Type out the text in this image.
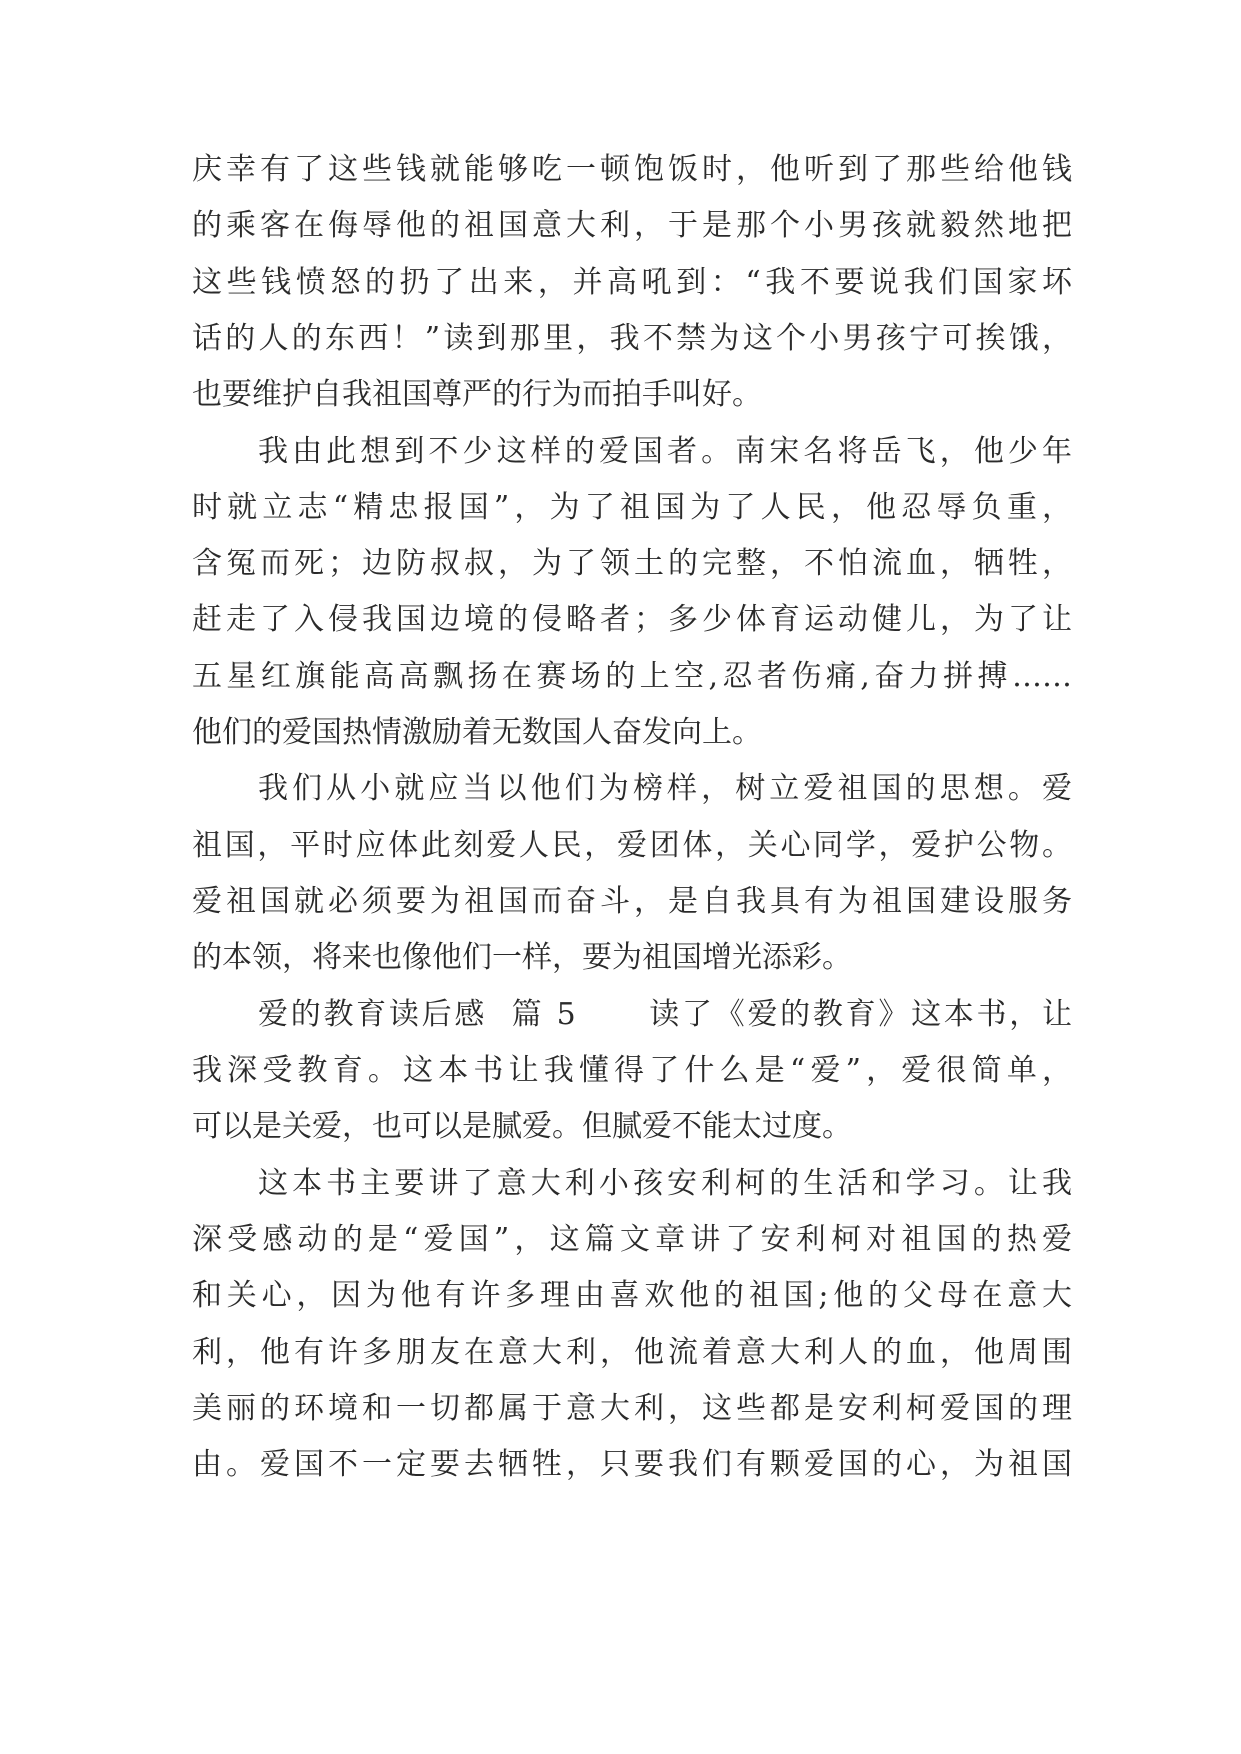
庆幸有了这些钱就能够吃一顿饱饭时，他听到了那些给他钱
的乘客在侮辱他的祖国意大利，于是那个小男孩就毅然地把
这些钱愤怒的扔了出来，并高吼到：“我不要说我们国家坏
话的人的东西！”读到那里，我不禁为这个小男孩宁可挨饿，
也要维护自我祖国尊严的行为而拍手叫好。
我由此想到不少这样的爱国者。南宋名将岳飞，他少年
时就立志“精忠报国”，为了祖国为了人民，他忍辱负重，
含冤而死；边防叔叔，为了领土的完整，不怕流血，牺牲，
赶走了入侵我国边境的侵略者；多少体育运动健儿，为了让
五星红旗能高高飘扬在赛场的上空,忍者伤痛,奋力拼搏……
他们的爱国热情激励着无数国人奋发向上。
我们从小就应当以他们为榜样，树立爱祖国的思想。爱
祖国，平时应体此刻爱人民，爱团体，关心同学，爱护公物。
爱祖国就必须要为祖国而奋斗，是自我具有为祖国建设服务
的本领，将来也像他们一样，要为祖国增光添彩。
爱的教育读后感  篇 5      读了《爱的教育》这本书，让
我深受教育。这本书让我懂得了什么是“爱”，爱很简单，
可以是关爱，也可以是腻爱。但腻爱不能太过度。
这本书主要讲了意大利小孩安利柯的生活和学习。让我
深受感动的是“爱国”，这篇文章讲了安利柯对祖国的热爱
和关心，因为他有许多理由喜欢他的祖国;他的父母在意大
利，他有许多朋友在意大利，他流着意大利人的血，他周围
美丽的环境和一切都属于意大利，这些都是安利柯爱国的理
由。爱国不一定要去牺牲，只要我们有颗爱国的心，为祖国
